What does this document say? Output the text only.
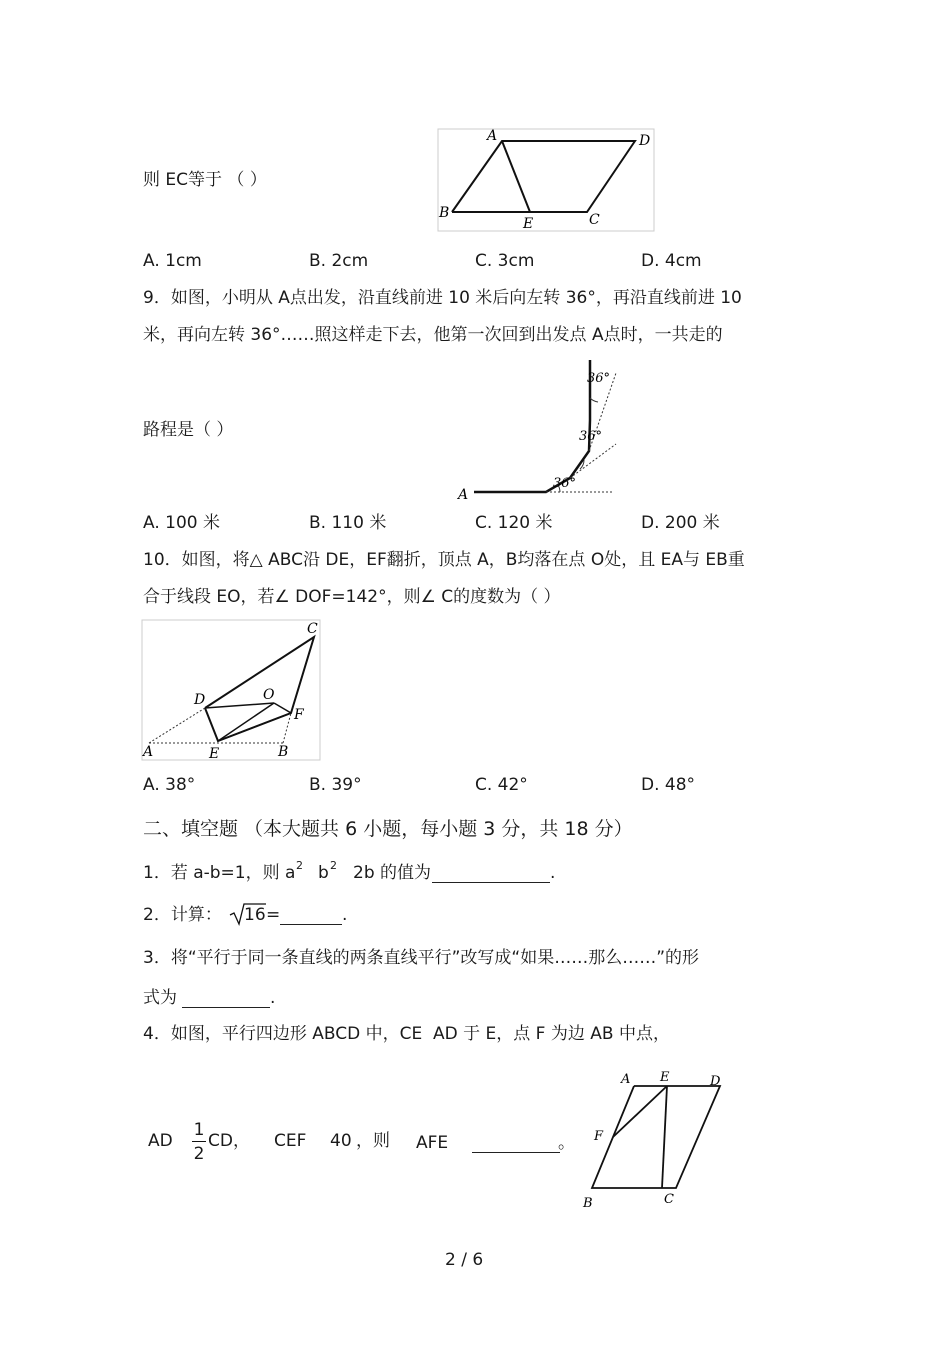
则 EC等于 （ ）
A	D
B
E	C
A. 1cm	B. 2cm	C. 3cm	D. 4cm
9．如图，小明从 A点出发，沿直线前进 10 米后向左转 36°，再沿直线前进 10
米，再向左转 36°……照这样走下去，他第一次回到出发点 A点时，一共走的
路程是（ ）
A
36°
36°
36°
A. 100 米	B. 110 米	C. 120 米	D. 200 米
10．如图，将△ ABC沿 DE，EF翻折，顶点 A，B均落在点 O处，且 EA与 EB重
合于线段 EO，若∠ DOF=142°，则∠ C的度数为（ ）
C
D	O
F
A	E	B
A. 38°	B. 39°	C. 42°	D. 48°
二、填空题 （本大题共 6 小题，每小题 3 分，共 18 分）
1．若 a-b=1，则 a 2 b 2 2b 的值为	.
2．计算： 16 =	.
3．将“平行于同一条直线的两条直线平行”改写成“如果……那么……”的形
式为	.
4．如图，平行四边形 ABCD 中，CE  AD 于 E，点 F 为边 AB 中点，
AD
1
2
CD， CEF 40 ，则 AFE	。
A E	D
F
B	C
2 / 6
